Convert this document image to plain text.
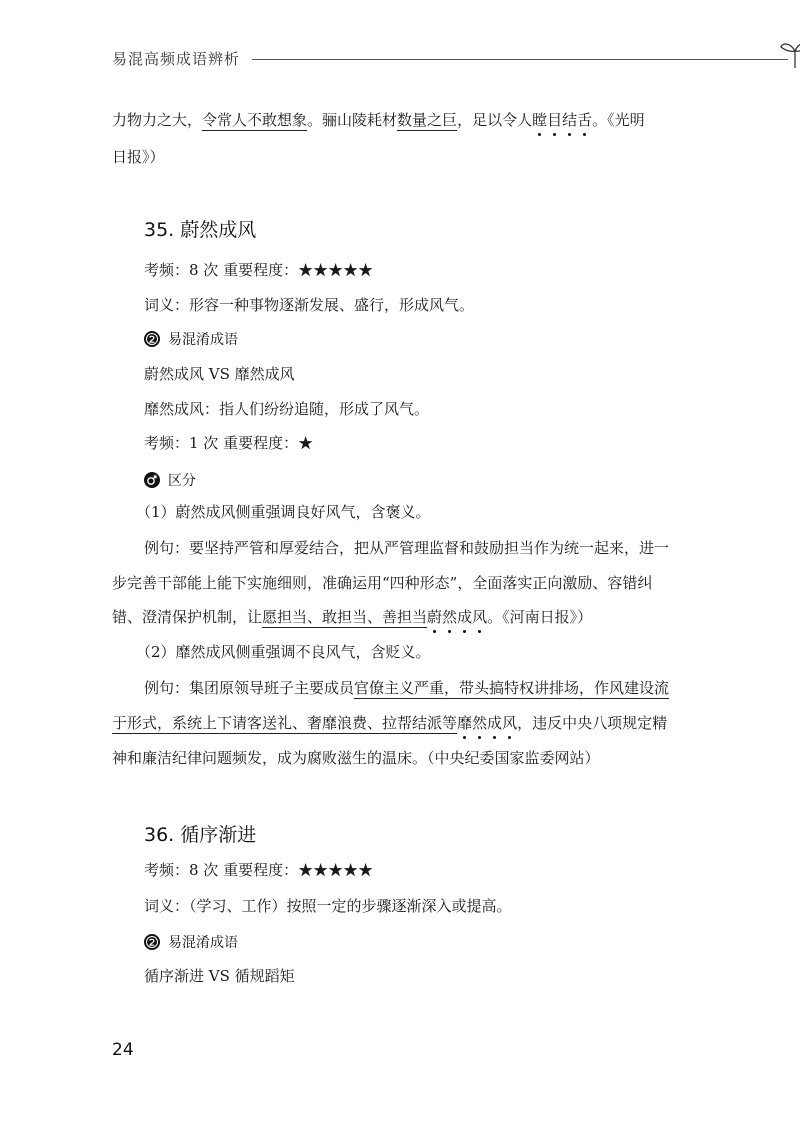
易混高频成语辨析
力物力之大，令常人不敢想象。骊山陵耗材数量之巨，足以令人瞠目结舌。《光明
日报》）
35. 蔚然成风
考频：8 次 重要程度：★★★★★
词义：形容一种事物逐渐发展、盛行，形成风气。
易混淆成语
蔚然成风 VS 靡然成风
靡然成风：指人们纷纷追随，形成了风气。
考频：1 次 重要程度：★
区分
（1）蔚然成风侧重强调良好风气，含褒义。
例句：要坚持严管和厚爱结合，把从严管理监督和鼓励担当作为统一起来，进一
步完善干部能上能下实施细则，准确运用“四种形态”，全面落实正向激励、容错纠
错、澄清保护机制，让愿担当、敢担当、善担当蔚然成风。《河南日报》）
（2）靡然成风侧重强调不良风气，含贬义。
例句：集团原领导班子主要成员官僚主义严重，带头搞特权讲排场，作风建设流
于形式，系统上下请客送礼、奢靡浪费、拉帮结派等靡然成风，违反中央八项规定精
神和廉洁纪律问题频发，成为腐败滋生的温床。（中央纪委国家监委网站）
36. 循序渐进
考频：8 次 重要程度：★★★★★
词义：（学习、工作）按照一定的步骤逐渐深入或提高。
易混淆成语
循序渐进 VS 循规蹈矩
24
